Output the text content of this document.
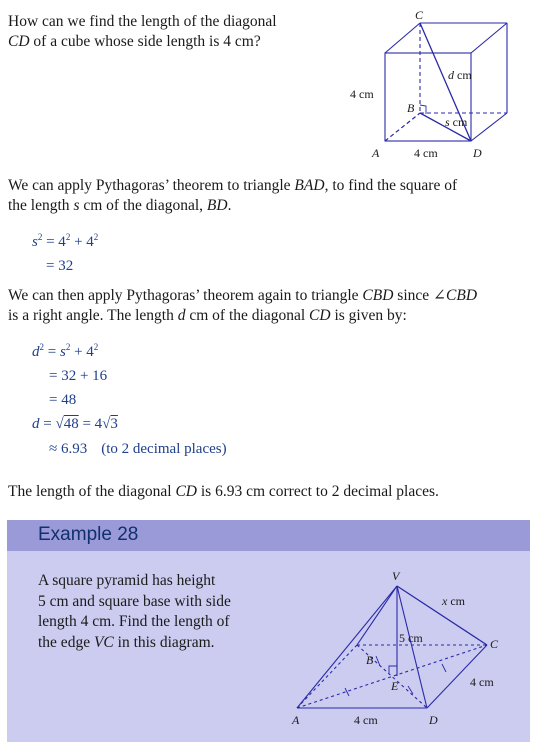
How can we find the length of the diagonal
CD of a cube whose side length is 4 cm?
C
B
A	D
4 cm
4 cm
d cm
s cm
We can apply Pythagoras’ theorem to triangle BAD, to find the square of
the length s cm of the diagonal, BD.
$s^2 = 4^2 + 4^2$
= 32
We can then apply Pythagoras’ theorem again to triangle CBD since ∠CBD
is a right angle. The length d cm of the diagonal CD is given by:
$d^2 = s^2 + 4^2$
= 32 + 16
= 48
d = √48 = 4√3
≈ 6.93 (to 2 decimal places)
The length of the diagonal CD is 6.93 cm correct to 2 decimal places.
Example 28
A square pyramid has height
5 cm and square base with side
length 4 cm. Find the length of
the edge VC in this diagram.
V
B
C
E
A	D
5 cm
x cm
4 cm
4 cm
